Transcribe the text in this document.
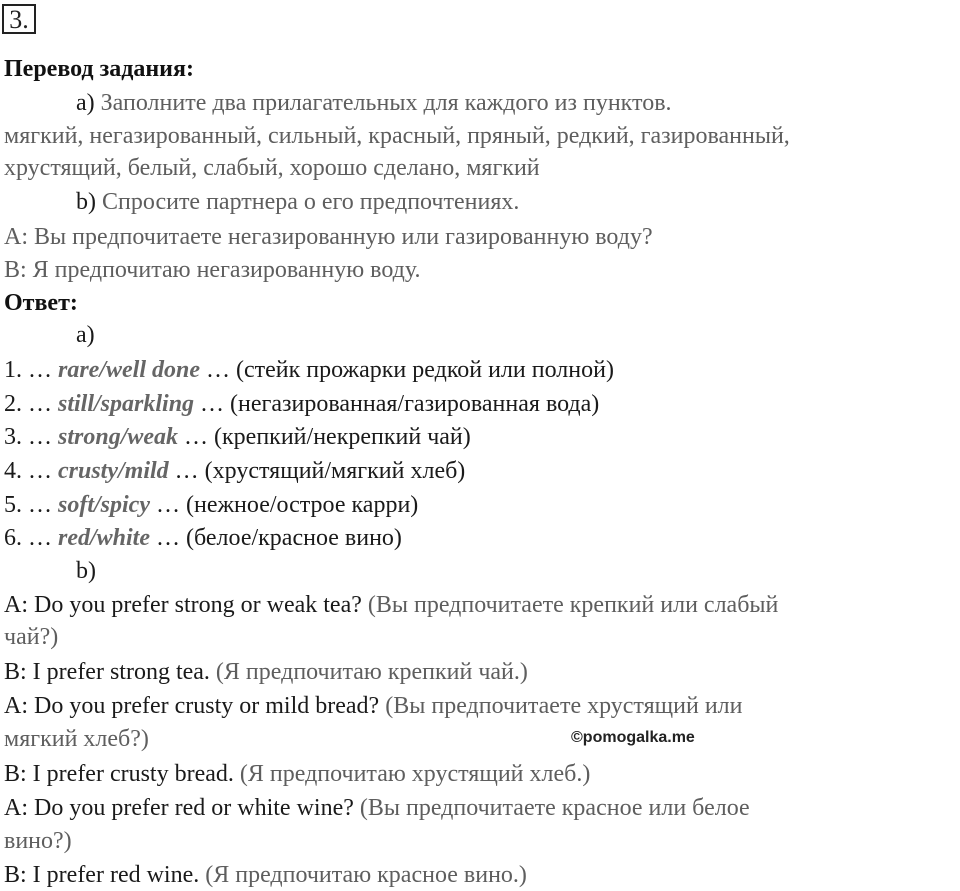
3.
Перевод задания:
a) Заполните два прилагательных для каждого из пунктов.
мягкий, негазированный, сильный, красный, пряный, редкий, газированный,
хрустящий, белый, слабый, хорошо сделано, мягкий
b) Спросите партнера о его предпочтениях.
A: Вы предпочитаете негазированную или газированную воду?
B: Я предпочитаю негазированную воду.
Ответ:
a)
1. … rare/well done … (стейк прожарки редкой или полной)
2. … still/sparkling … (негазированная/газированная вода)
3. … strong/weak … (крепкий/некрепкий чай)
4. … crusty/mild … (хрустящий/мягкий хлеб)
5. … soft/spicy … (нежное/острое карри)
6. … red/white … (белое/красное вино)
b)
A: Do you prefer strong or weak tea? (Вы предпочитаете крепкий или слабый
чай?)
B: I prefer strong tea. (Я предпочитаю крепкий чай.)
A: Do you prefer crusty or mild bread? (Вы предпочитаете хрустящий или
мягкий хлеб?)
B: I prefer crusty bread. (Я предпочитаю хрустящий хлеб.)
A: Do you prefer red or white wine? (Вы предпочитаете красное или белое
вино?)
B: I prefer red wine. (Я предпочитаю красное вино.)
©pomogalka.me
